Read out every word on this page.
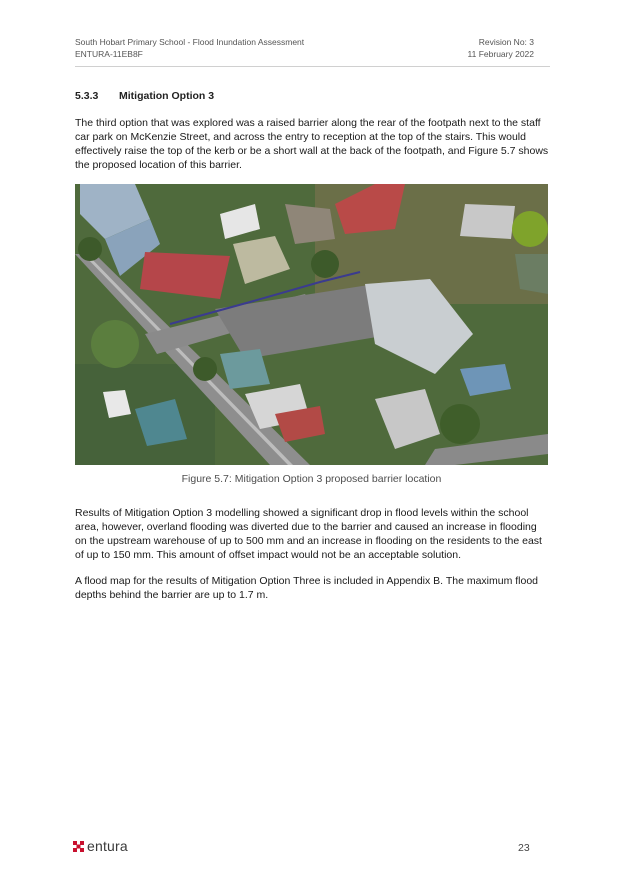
South Hobart Primary School - Flood Inundation Assessment
ENTURA-11EB8F
Revision No: 3
11 February 2022
5.3.3 Mitigation Option 3
The third option that was explored was a raised barrier along the rear of the footpath next to the staff car park on McKenzie Street, and across the entry to reception at the top of the stairs. This would effectively raise the top of the kerb or be a short wall at the back of the footpath, and Figure 5.7 shows the proposed location of this barrier.
Figure 5.7: Mitigation Option 3 proposed barrier location
Results of Mitigation Option 3 modelling showed a significant drop in flood levels within the school area, however, overland flooding was diverted due to the barrier and caused an increase in flooding on the upstream warehouse of up to 500 mm and an increase in flooding on the residents to the east of up to 150 mm. This amount of offset impact would not be an acceptable solution.
A flood map for the results of Mitigation Option Three is included in Appendix B. The maximum flood depths behind the barrier are up to 1.7 m.
entura	23
